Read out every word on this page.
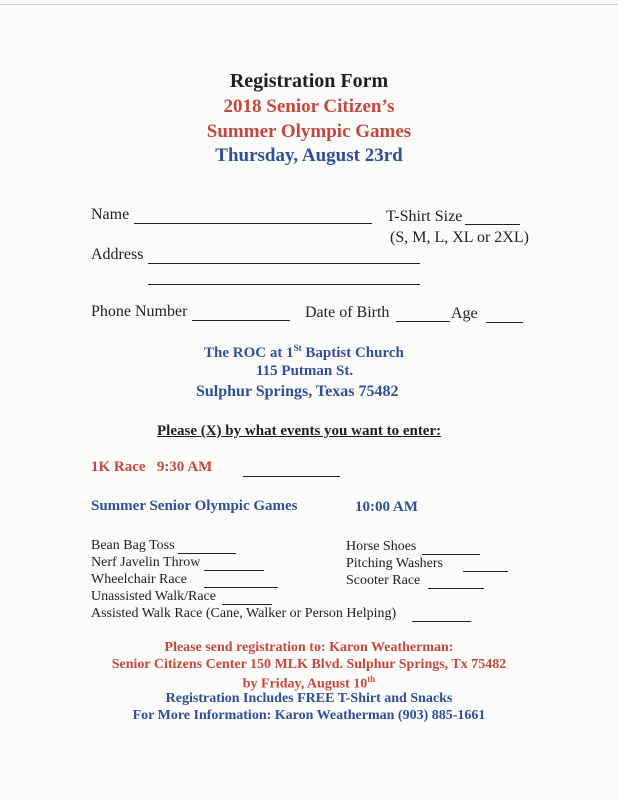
Registration Form
2018 Senior Citizen’s
Summer Olympic Games
Thursday, August 23rd
Name	T-Shirt Size
(S, M, L, XL or 2XL)
Address
Phone Number	Date of Birth	Age
The ROC at 1St Baptist Church
115 Putman St.
Sulphur Springs, Texas 75482
Please (X) by what events you want to enter:
1K Race   9:30 AM
Summer Senior Olympic Games	10:00 AM
Bean Bag Toss
Nerf Javelin Throw
Wheelchair Race
Unassisted Walk/Race
Assisted Walk Race (Cane, Walker or Person Helping)
Horse Shoes
Pitching Washers
Scooter Race
Please send registration to: Karon Weatherman:
Senior Citizens Center 150 MLK Blvd. Sulphur Springs, Tx 75482
by Friday, August 10th
Registration Includes FREE T-Shirt and Snacks
For More Information: Karon Weatherman (903) 885-1661
